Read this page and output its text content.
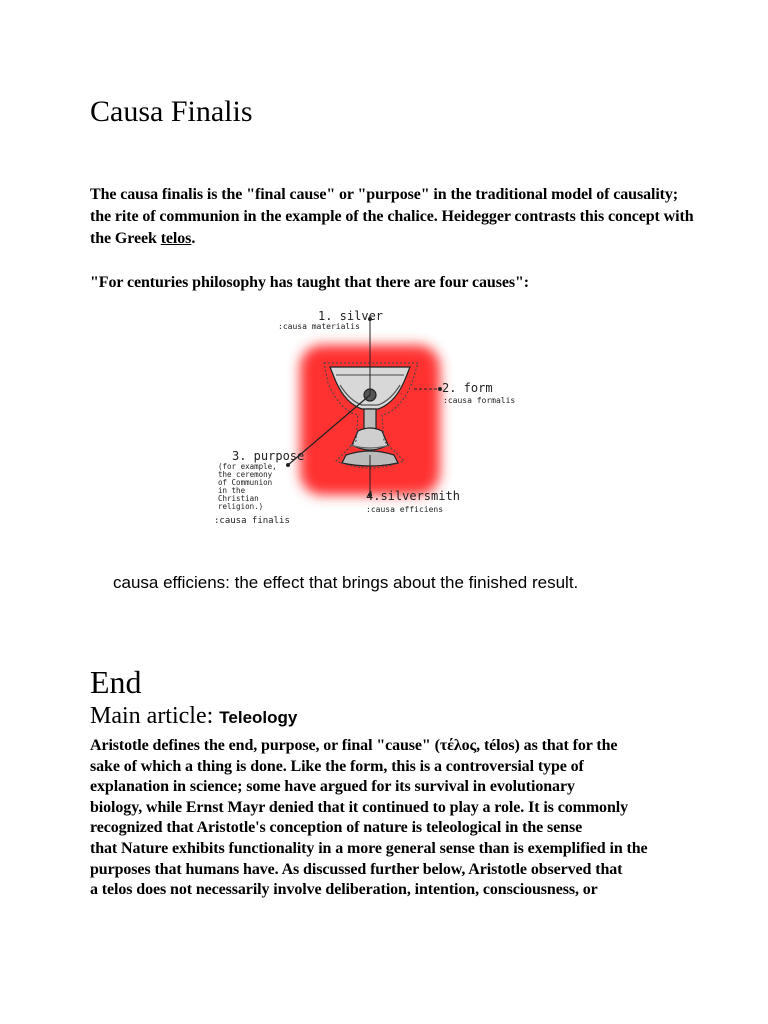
Causa Finalis
The causa finalis is the "final cause" or "purpose" in the traditional model of causality; the rite of communion in the example of the chalice. Heidegger contrasts this concept with the Greek telos.
"For centuries philosophy has taught that there are four causes":
1. silver
:causa materialis
2. form
:causa formalis
3. purpose
(for example,
the ceremony
of Communion
in the
Christian
religion.)
:causa finalis
4.silversmith
:causa efficiens
causa efficiens: the effect that brings about the finished result.
End
Main article: Teleology
Aristotle defines the end, purpose, or final "cause" (τέλος, télos) as that for the
sake of which a thing is done. Like the form, this is a controversial type of
explanation in science; some have argued for its survival in evolutionary
biology, while Ernst Mayr denied that it continued to play a role. It is commonly
recognized that Aristotle's conception of nature is teleological in the sense
that Nature exhibits functionality in a more general sense than is exemplified in the
purposes that humans have. As discussed further below, Aristotle observed that
a telos does not necessarily involve deliberation, intention, consciousness, or
